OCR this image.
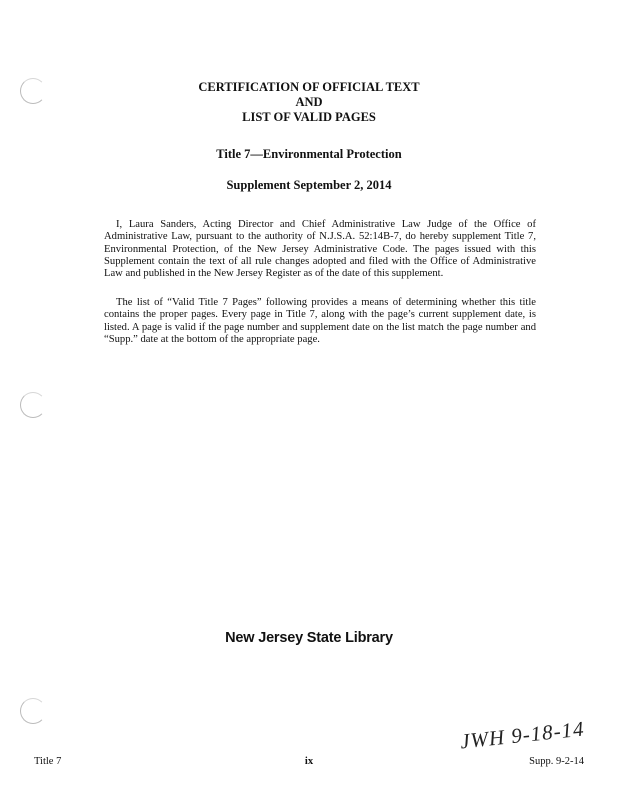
CERTIFICATION OF OFFICIAL TEXT
AND
LIST OF VALID PAGES
Title 7—Environmental Protection
Supplement September 2, 2014

I, Laura Sanders, Acting Director and Chief Administrative Law Judge of the Office of Administrative Law, pursuant to the authority of N.J.S.A. 52:14B-7, do hereby supplement Title 7, Environmental Protection, of the New Jersey Administrative Code. The pages issued with this Supplement contain the text of all rule changes adopted and filed with the Office of Administrative Law and published in the New Jersey Register as of the date of this supplement.

The list of “Valid Title 7 Pages” following provides a means of determining whether this title contains the proper pages. Every page in Title 7, along with the page’s current supplement date, is listed. A page is valid if the page number and supplement date on the list match the page number and “Supp.” date at the bottom of the appropriate page.

New Jersey State Library
JWH 9-18-14
Title 7	ix	Supp. 9-2-14
